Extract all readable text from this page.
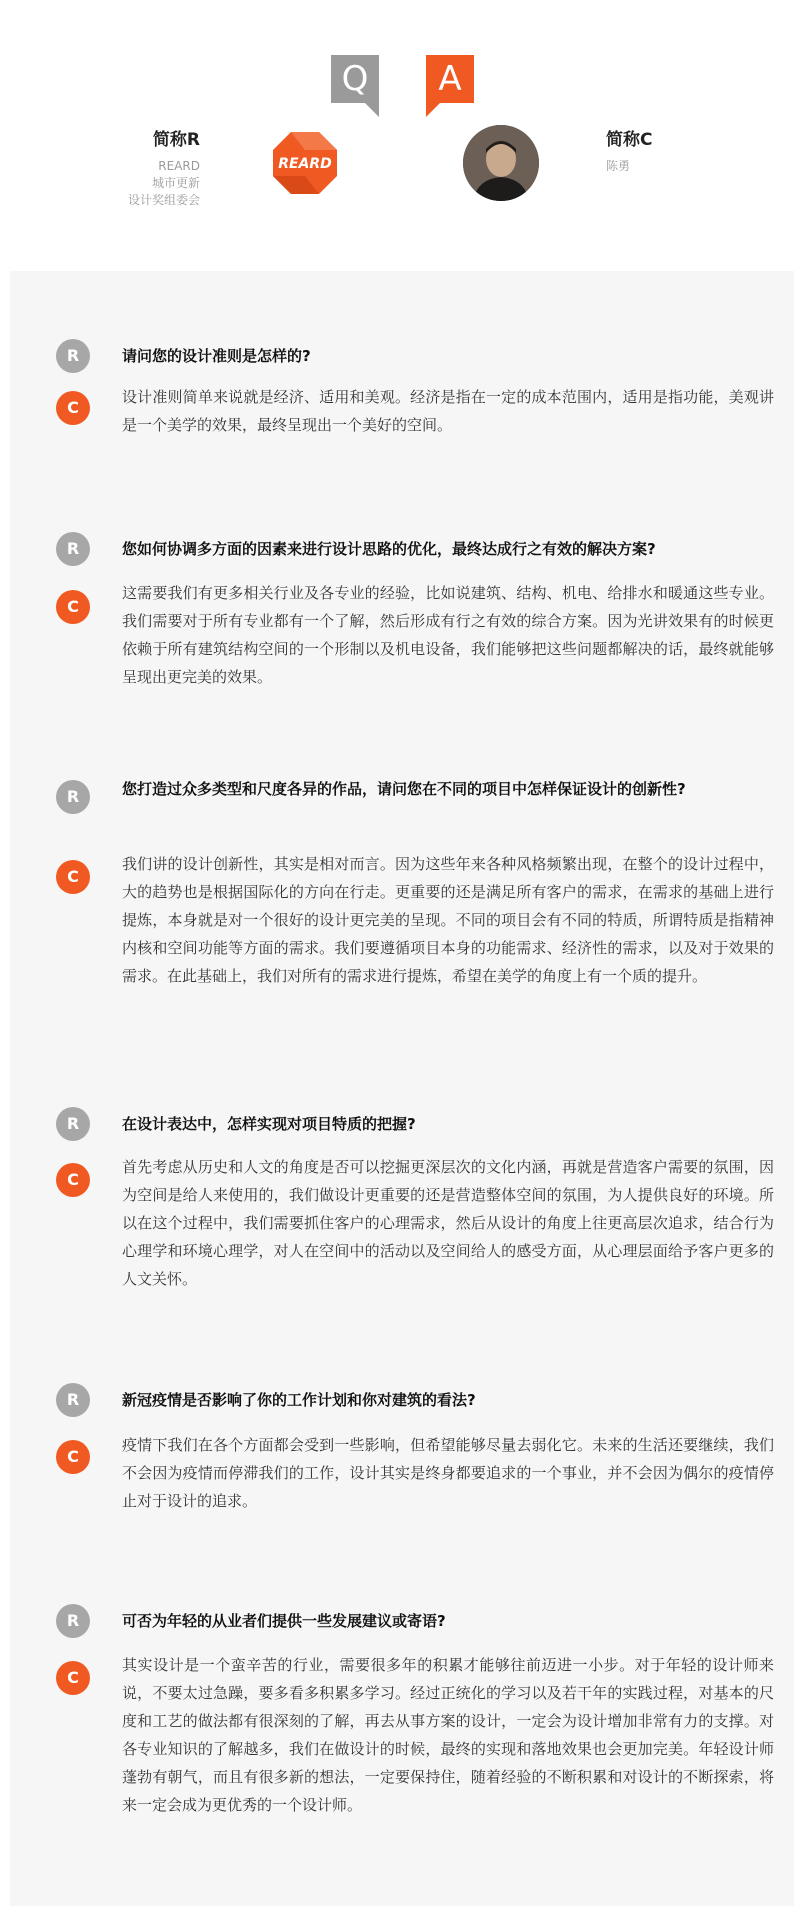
Q	A
简称R
REARD
城市更新
设计奖组委会
REARD
简称C
陈勇
R	请问您的设计准则是怎样的?
C
设计准则简单来说就是经济、适用和美观。经济是指在一定的成本范围内，适用是指功能，美观讲是一个美学的效果，最终呈现出一个美好的空间。
R	您如何协调多方面的因素来进行设计思路的优化，最终达成行之有效的解决方案?
C
这需要我们有更多相关行业及各专业的经验，比如说建筑、结构、机电、给排水和暖通这些专业。我们需要对于所有专业都有一个了解，然后形成有行之有效的综合方案。因为光讲效果有的时候更依赖于所有建筑结构空间的一个形制以及机电设备，我们能够把这些问题都解决的话，最终就能够呈现出更完美的效果。
R	您打造过众多类型和尺度各异的作品，请问您在不同的项目中怎样保证设计的创新性?
C
我们讲的设计创新性，其实是相对而言。因为这些年来各种风格频繁出现，在整个的设计过程中，大的趋势也是根据国际化的方向在行走。更重要的还是满足所有客户的需求，在需求的基础上进行提炼，本身就是对一个很好的设计更完美的呈现。不同的项目会有不同的特质，所谓特质是指精神内核和空间功能等方面的需求。我们要遵循项目本身的功能需求、经济性的需求，以及对于效果的需求。在此基础上，我们对所有的需求进行提炼，希望在美学的角度上有一个质的提升。
R	在设计表达中，怎样实现对项目特质的把握?
C
首先考虑从历史和人文的角度是否可以挖掘更深层次的文化内涵，再就是营造客户需要的氛围，因为空间是给人来使用的，我们做设计更重要的还是营造整体空间的氛围，为人提供良好的环境。所以在这个过程中，我们需要抓住客户的心理需求，然后从设计的角度上往更高层次追求，结合行为心理学和环境心理学，对人在空间中的活动以及空间给人的感受方面，从心理层面给予客户更多的人文关怀。
R	新冠疫情是否影响了你的工作计划和你对建筑的看法?
C
疫情下我们在各个方面都会受到一些影响，但希望能够尽量去弱化它。未来的生活还要继续，我们不会因为疫情而停滞我们的工作，设计其实是终身都要追求的一个事业，并不会因为偶尔的疫情停止对于设计的追求。
R	可否为年轻的从业者们提供一些发展建议或寄语?
C
其实设计是一个蛮辛苦的行业，需要很多年的积累才能够往前迈进一小步。对于年轻的设计师来说，不要太过急躁，要多看多积累多学习。经过正统化的学习以及若干年的实践过程，对基本的尺度和工艺的做法都有很深刻的了解，再去从事方案的设计，一定会为设计增加非常有力的支撑。对各专业知识的了解越多，我们在做设计的时候，最终的实现和落地效果也会更加完美。年轻设计师蓬勃有朝气，而且有很多新的想法，一定要保持住，随着经验的不断积累和对设计的不断探索，将来一定会成为更优秀的一个设计师。
